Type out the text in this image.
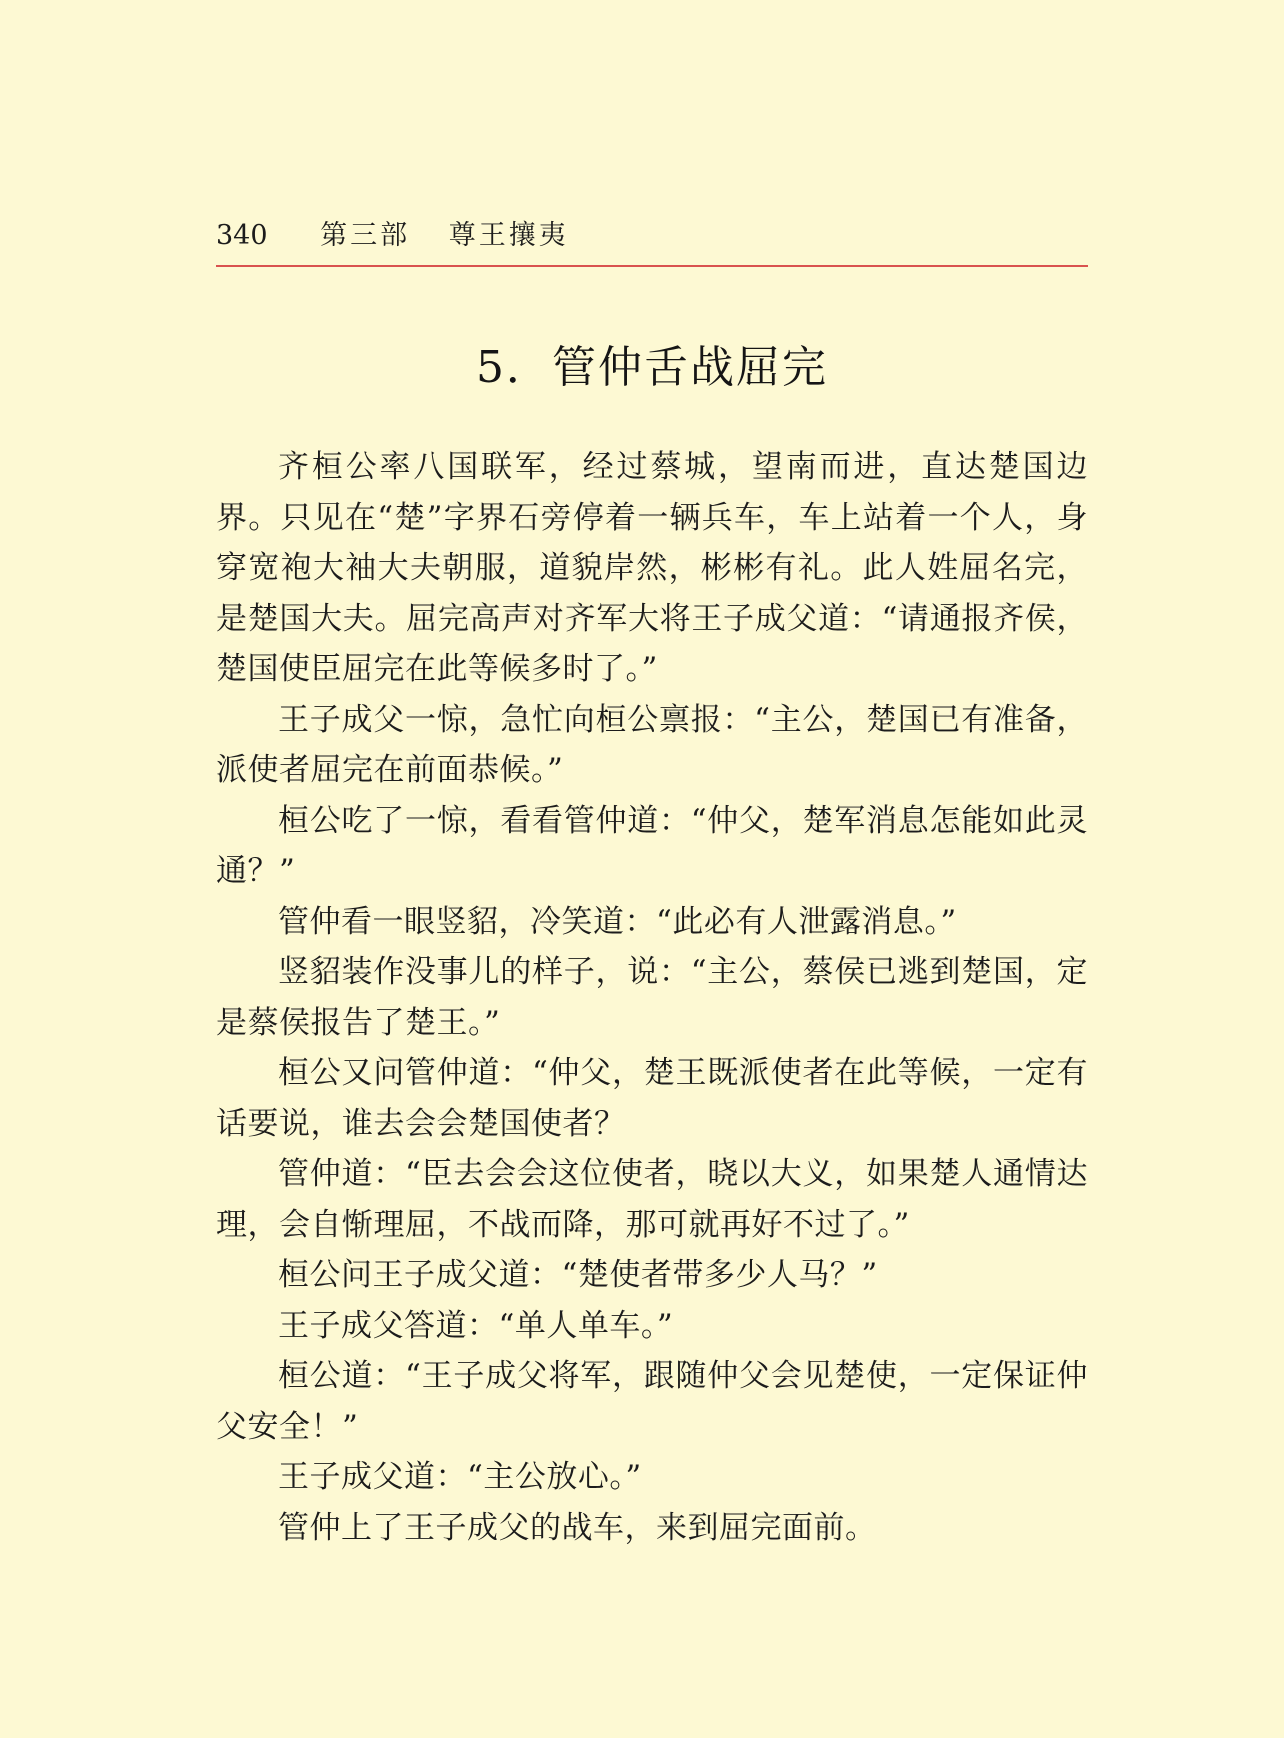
340 第三部 尊王攘夷
5．管仲舌战屈完

齐桓公率八国联军，经过蔡城，望南而进，直达楚国边界。只见在“楚”字界石旁停着一辆兵车，车上站着一个人，身穿宽袍大袖大夫朝服，道貌岸然，彬彬有礼。此人姓屈名完，是楚国大夫。屈完高声对齐军大将王子成父道：“请通报齐侯，楚国使臣屈完在此等候多时了。”

王子成父一惊，急忙向桓公禀报：“主公，楚国已有准备，派使者屈完在前面恭候。”

桓公吃了一惊，看看管仲道：“仲父，楚军消息怎能如此灵通？”

管仲看一眼竖貂，冷笑道：“此必有人泄露消息。”

竖貂装作没事儿的样子，说：“主公，蔡侯已逃到楚国，定是蔡侯报告了楚王。”

桓公又问管仲道：“仲父，楚王既派使者在此等候，一定有话要说，谁去会会楚国使者？

管仲道：“臣去会会这位使者，晓以大义，如果楚人通情达理，会自惭理屈，不战而降，那可就再好不过了。”

桓公问王子成父道：“楚使者带多少人马？”

王子成父答道：“单人单车。”

桓公道：“王子成父将军，跟随仲父会见楚使，一定保证仲父安全！”

王子成父道：“主公放心。”

管仲上了王子成父的战车，来到屈完面前。
